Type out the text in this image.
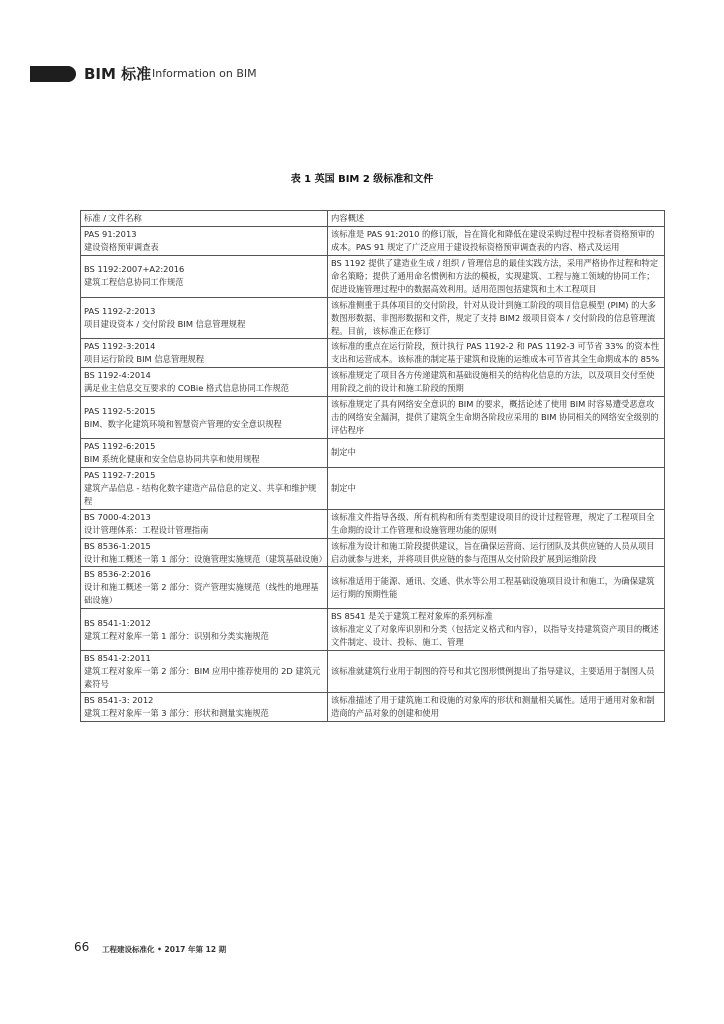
BIM 标准 Information on BIM
表 1 英国 BIM 2 级标准和文件
标准 / 文件名称	内容概述

PAS 91:2013
建设资格预审调查表	该标准是 PAS 91:2010 的修订版，旨在简化和降低在建设采购过程中投标者资格预审的成本。PAS 91 规定了广泛应用于建设投标资格预审调查表的内容、格式及运用

BS 1192:2007+A2:2016
建筑工程信息协同工作规范	BS 1192 提供了建造业生成 / 组织 / 管理信息的最佳实践方法，采用严格协作过程和特定命名策略；提供了通用命名惯例和方法的模板，实现建筑、工程与施工领域的协同工作；促进设施管理过程中的数据高效利用。适用范围包括建筑和土木工程项目

PAS 1192-2:2013
项目建设资本 / 交付阶段 BIM 信息管理规程	该标准侧重于具体项目的交付阶段，针对从设计到施工阶段的项目信息模型 (PIM) 的大多数图形数据、非图形数据和文件，规定了支持 BIM2 级项目资本 / 交付阶段的信息管理流程。目前，该标准正在修订

PAS 1192-3:2014
项目运行阶段 BIM 信息管理规程	该标准的重点在运行阶段，预计执行 PAS 1192-2 和 PAS 1192-3 可节省 33% 的资本性支出和运营成本。该标准的制定基于建筑和设施的运维成本可节省其全生命期成本的 85%

BS 1192-4:2014
满足业主信息交互要求的 COBie 格式信息协同工作规范	该标准规定了项目各方传递建筑和基础设施相关的结构化信息的方法，以及项目交付至使用阶段之前的设计和施工阶段的预期

PAS 1192-5:2015
BIM、数字化建筑环境和智慧资产管理的安全意识规程	该标准规定了具有网络安全意识的 BIM 的要求，概括论述了使用 BIM 时容易遭受恶意攻击的网络安全漏洞，提供了建筑全生命期各阶段应采用的 BIM 协同相关的网络安全级别的评估程序

PAS 1192-6:2015
BIM 系统化健康和安全信息协同共享和使用规程	制定中

PAS 1192-7:2015
建筑产品信息 - 结构化数字建造产品信息的定义、共享和维护规程	制定中

BS 7000-4:2013
设计管理体系：工程设计管理指南	该标准文件指导各级、所有机构和所有类型建设项目的设计过程管理，规定了工程项目全生命期的设计工作管理和设施管理功能的原则

BS 8536-1:2015
设计和施工概述一第 1 部分：设施管理实施规范（建筑基础设施）	该标准为设计和施工阶段提供建议，旨在确保运营商、运行团队及其供应链的人员从项目启动就参与进来，并将项目供应链的参与范围从交付阶段扩展到运维阶段

BS 8536-2:2016
设计和施工概述一第 2 部分：资产管理实施规范（线性的地理基础设施）	该标准适用于能源、通讯、交通、供水等公用工程基础设施项目设计和施工，为确保建筑运行期的预期性能

BS 8541-1:2012
建筑工程对象库一第 1 部分：识别和分类实施规范	BS 8541 是关于建筑工程对象库的系列标准
该标准定义了对象库识别和分类（包括定义格式和内容），以指导支持建筑资产项目的概述文件制定、设计、投标、施工、管理

BS 8541-2:2011
建筑工程对象库一第 2 部分：BIM 应用中推荐使用的 2D 建筑元素符号	该标准就建筑行业用于制图的符号和其它图形惯例提出了指导建议，主要适用于制图人员

BS 8541-3: 2012
建筑工程对象库一第 3 部分：形状和测量实施规范	该标准描述了用于建筑施工和设施的对象库的形状和测量相关属性。适用于通用对象和制造商的产品对象的创建和使用
66 工程建设标准化 • 2017 年第 12 期
